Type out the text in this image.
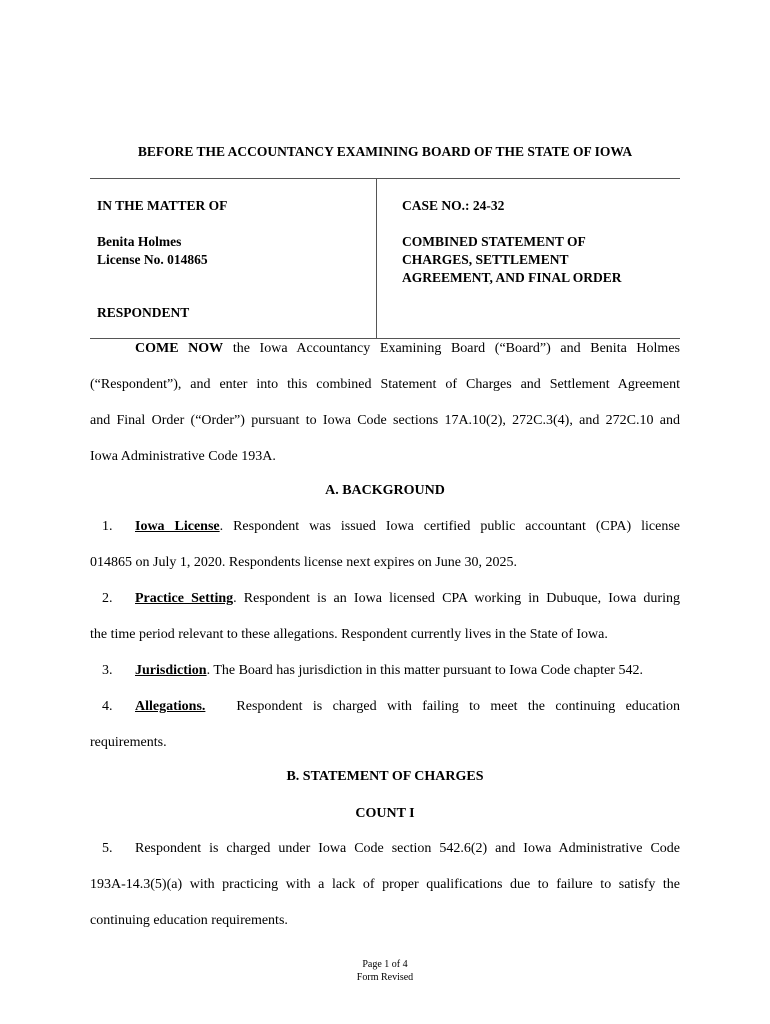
BEFORE THE ACCOUNTANCY EXAMINING BOARD OF THE STATE OF IOWA
IN THE MATTER OF
Benita Holmes
License No. 014865
RESPONDENT
CASE NO.: 24-32
COMBINED STATEMENT OF
CHARGES, SETTLEMENT
AGREEMENT, AND FINAL ORDER
COME NOW the Iowa Accountancy Examining Board (“Board”) and Benita Holmes
(“Respondent”), and enter into this combined Statement of Charges and Settlement Agreement
and Final Order (“Order”) pursuant to Iowa Code sections 17A.10(2), 272C.3(4), and 272C.10 and
Iowa Administrative Code 193A.
A. BACKGROUND
1. Iowa License. Respondent was issued Iowa certified public accountant (CPA) license
014865 on July 1, 2020. Respondents license next expires on June 30, 2025.
2. Practice Setting. Respondent is an Iowa licensed CPA working in Dubuque, Iowa during
the time period relevant to these allegations. Respondent currently lives in the State of Iowa.
3. Jurisdiction. The Board has jurisdiction in this matter pursuant to Iowa Code chapter 542.
4. Allegations.   Respondent is charged with failing to meet the continuing education
requirements.
B. STATEMENT OF CHARGES
COUNT I
5. Respondent is charged under Iowa Code section 542.6(2) and Iowa Administrative Code
193A-14.3(5)(a) with practicing with a lack of proper qualifications due to failure to satisfy the
continuing education requirements.
Page 1 of 4
Form Revised
